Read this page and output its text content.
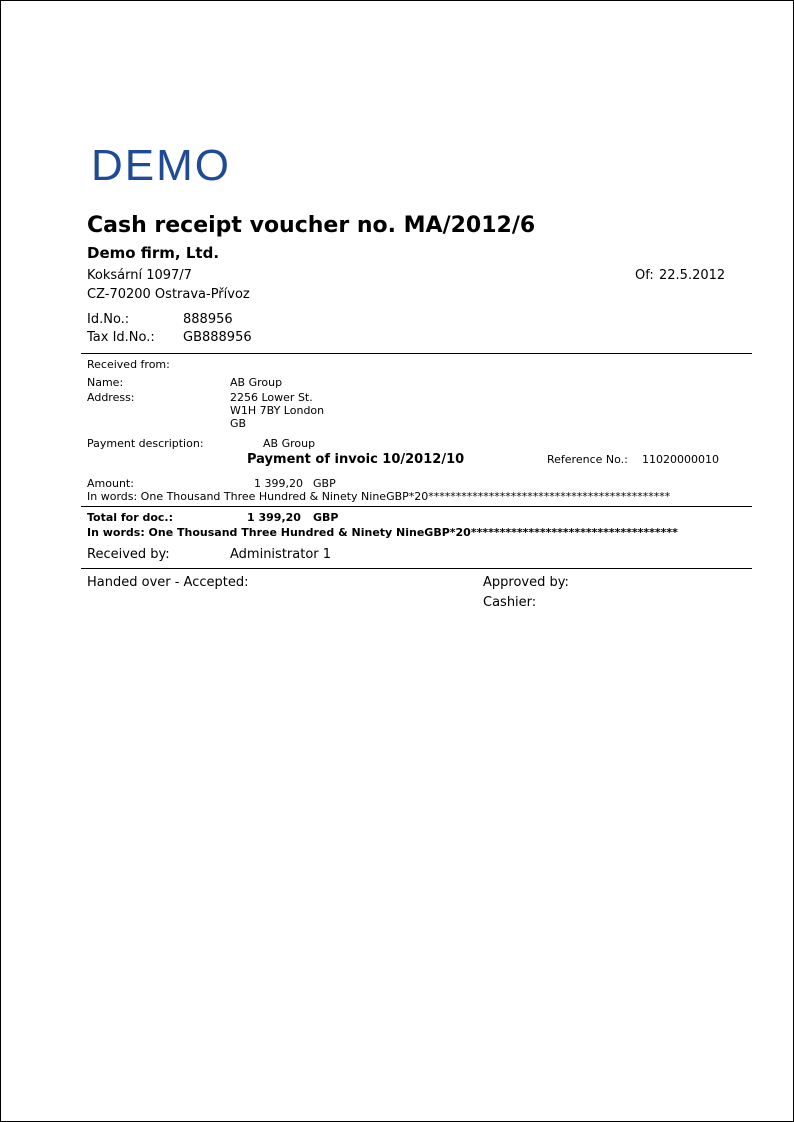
DEMO
Cash receipt voucher no. MA/2012/6
Demo firm, Ltd.
Koksární 1097/7
CZ-70200 Ostrava-Přívoz
Of: 22.5.2012
Id.No.:	888956
Tax Id.No.: GB888956
Received from:
Name:	AB Group
Address:	2256 Lower St.
W1H 7BY London
GB
Payment description:	AB Group
Payment of invoic 10/2012/10	Reference No.: 11020000010
Amount:	1 399,20 GBP
In words: One Thousand Three Hundred & Ninety NineGBP*20********************************************
Total for doc.:	1 399,20 GBP
In words: One Thousand Three Hundred & Ninety NineGBP*20************************************
Received by:	Administrator 1
Handed over - Accepted:	Approved by:
Cashier:
